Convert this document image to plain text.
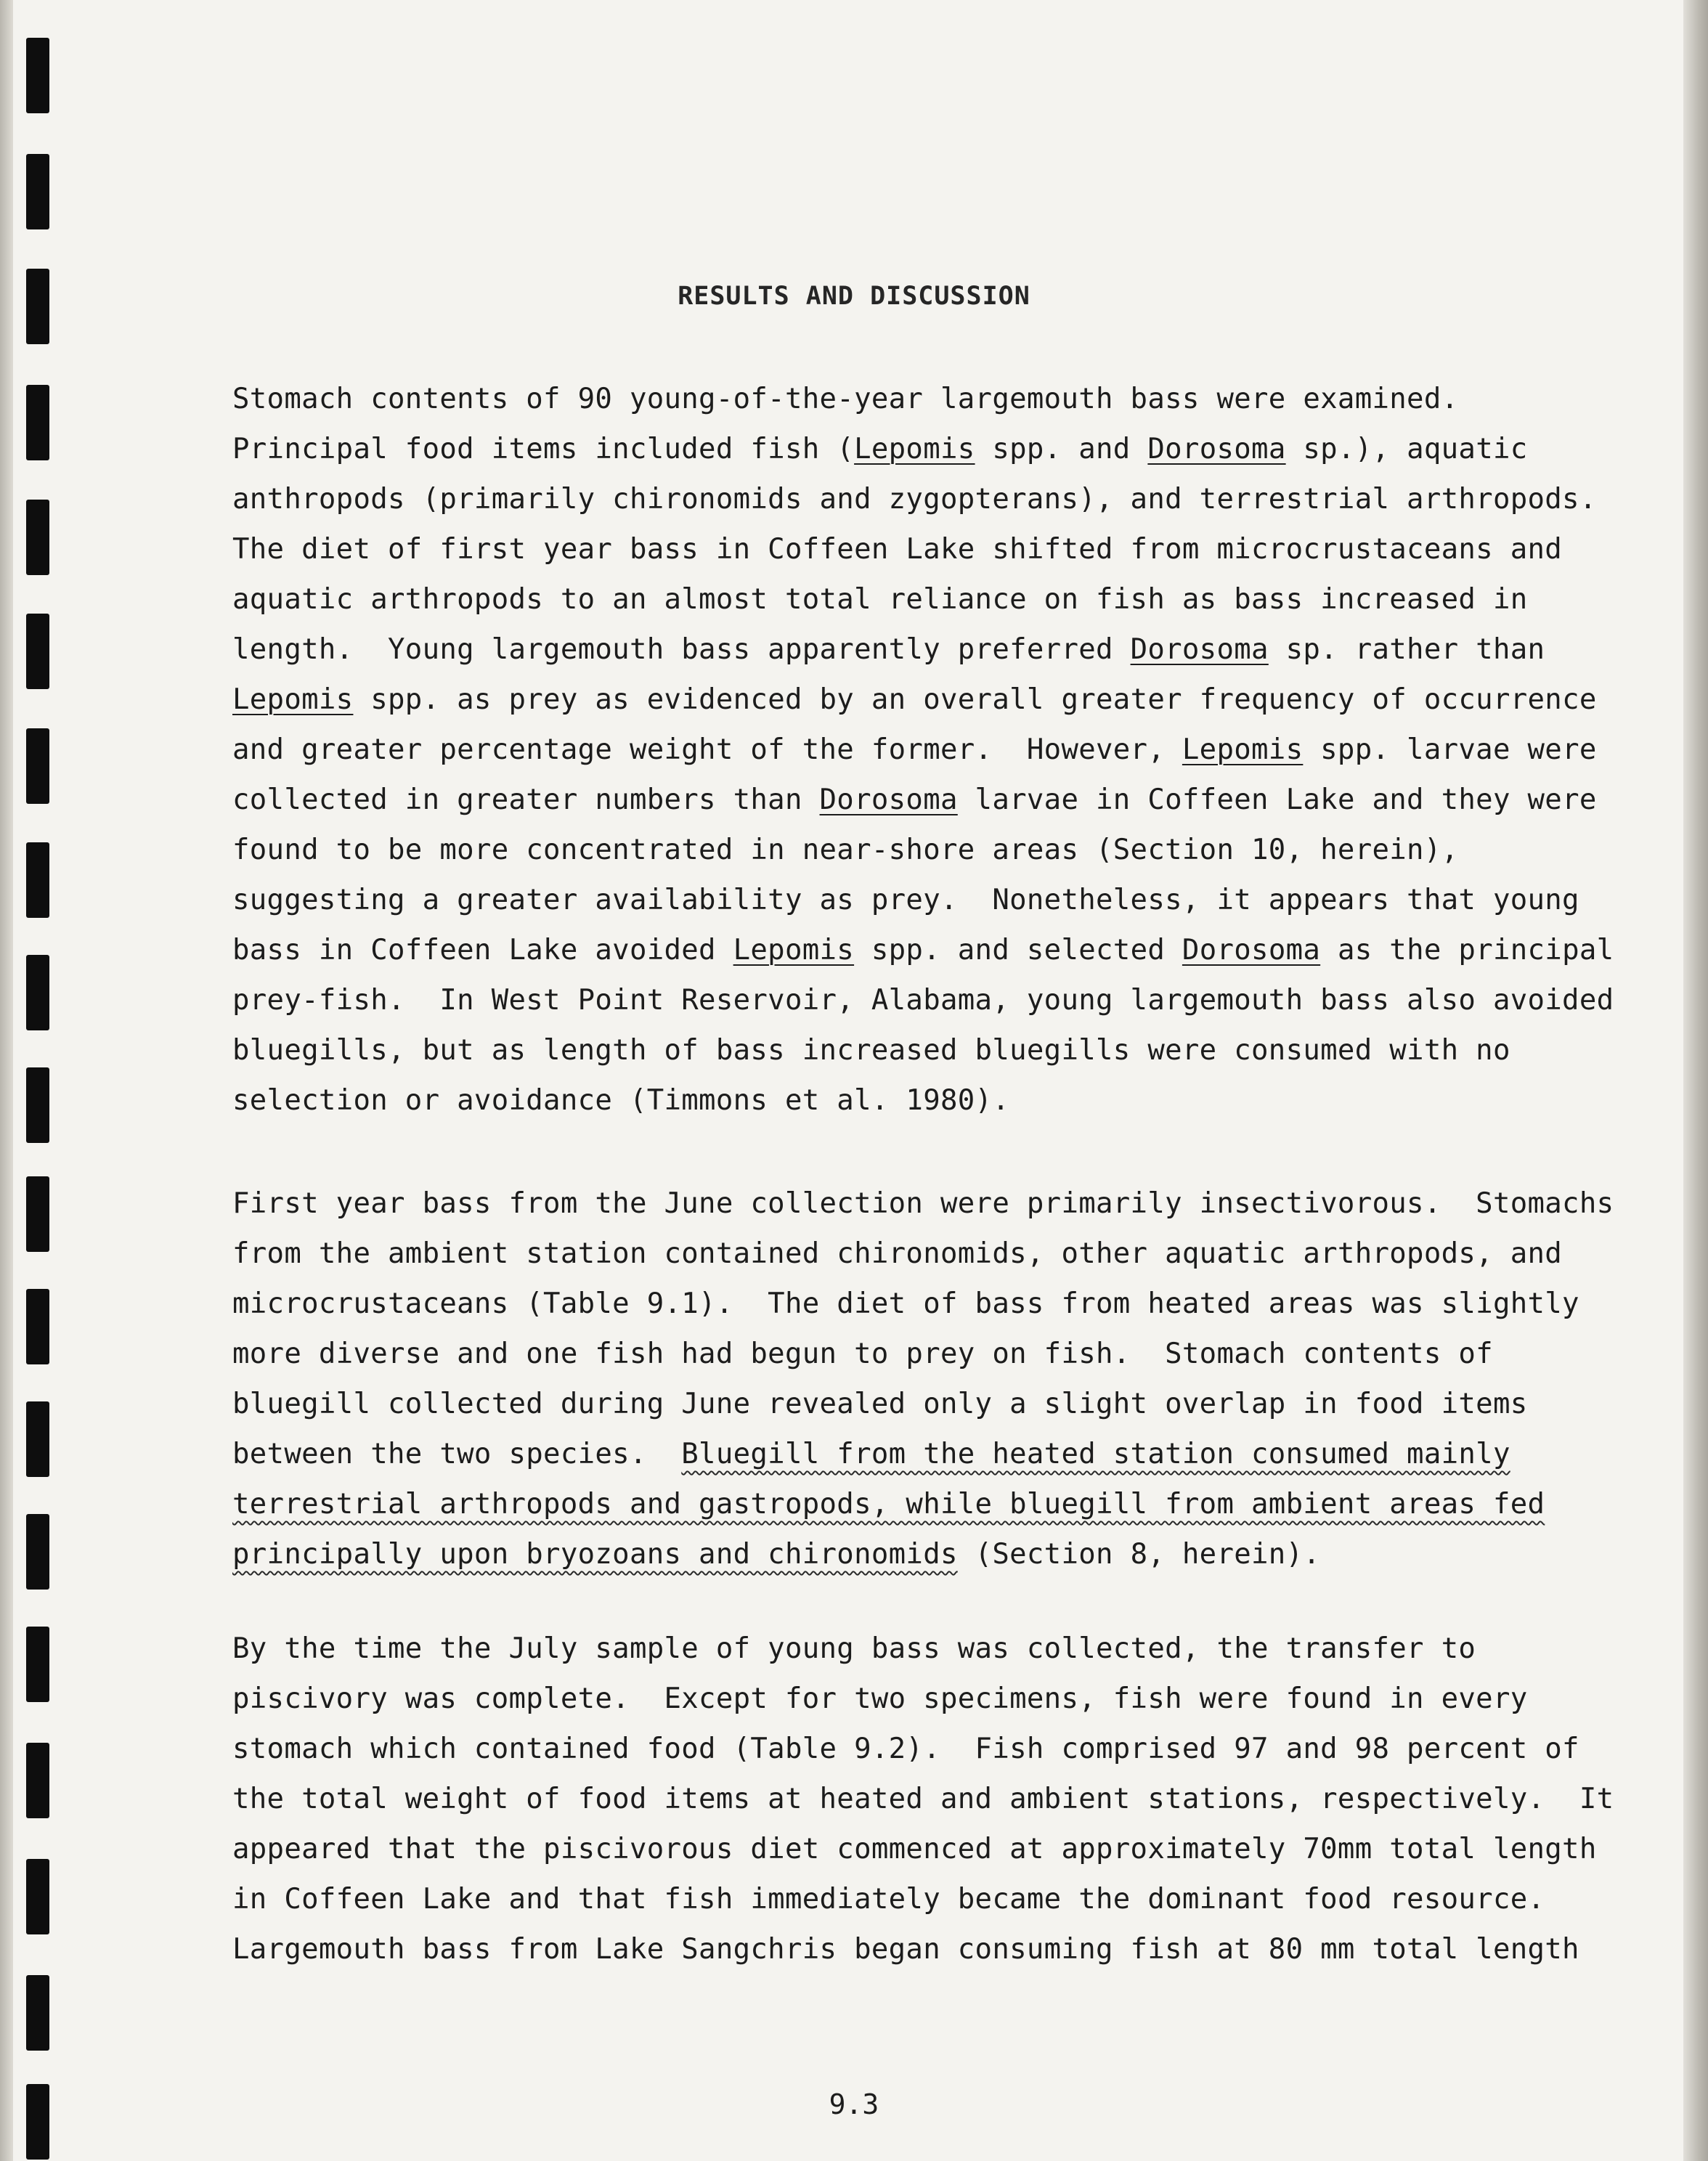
RESULTS AND DISCUSSION
Stomach contents of 90 young-of-the-year largemouth bass were examined.
Principal food items included fish (Lepomis spp. and Dorosoma sp.), aquatic
anthropods (primarily chironomids and zygopterans), and terrestrial arthropods.
The diet of first year bass in Coffeen Lake shifted from microcrustaceans and
aquatic arthropods to an almost total reliance on fish as bass increased in
length.  Young largemouth bass apparently preferred Dorosoma sp. rather than
Lepomis spp. as prey as evidenced by an overall greater frequency of occurrence
and greater percentage weight of the former.  However, Lepomis spp. larvae were
collected in greater numbers than Dorosoma larvae in Coffeen Lake and they were
found to be more concentrated in near-shore areas (Section 10, herein),
suggesting a greater availability as prey.  Nonetheless, it appears that young
bass in Coffeen Lake avoided Lepomis spp. and selected Dorosoma as the principal
prey-fish.  In West Point Reservoir, Alabama, young largemouth bass also avoided
bluegills, but as length of bass increased bluegills were consumed with no
selection or avoidance (Timmons et al. 1980).
First year bass from the June collection were primarily insectivorous.  Stomachs
from the ambient station contained chironomids, other aquatic arthropods, and
microcrustaceans (Table 9.1).  The diet of bass from heated areas was slightly
more diverse and one fish had begun to prey on fish.  Stomach contents of
bluegill collected during June revealed only a slight overlap in food items
between the two species.  Bluegill from the heated station consumed mainly
terrestrial arthropods and gastropods, while bluegill from ambient areas fed
principally upon bryozoans and chironomids (Section 8, herein).
By the time the July sample of young bass was collected, the transfer to
piscivory was complete.  Except for two specimens, fish were found in every
stomach which contained food (Table 9.2).  Fish comprised 97 and 98 percent of
the total weight of food items at heated and ambient stations, respectively.  It
appeared that the piscivorous diet commenced at approximately 70mm total length
in Coffeen Lake and that fish immediately became the dominant food resource.
Largemouth bass from Lake Sangchris began consuming fish at 80 mm total length
9.3
